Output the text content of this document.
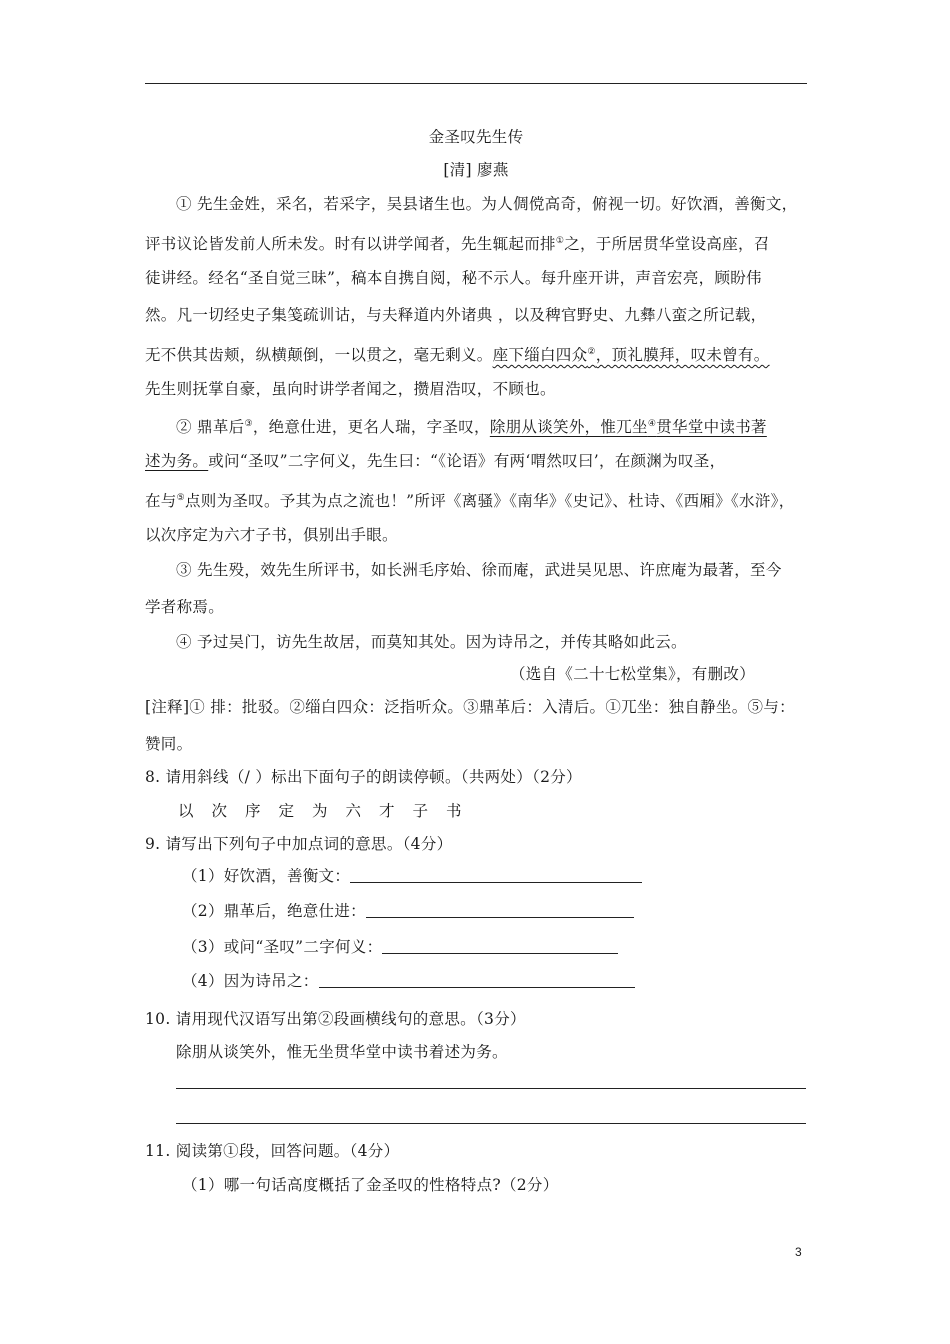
金圣叹先生传
[清] 廖燕
① 先生金姓，采名，若采字，吴县诸生也。为人倜傥高奇，俯视一切。好饮酒，善衡文，
评书议论皆发前人所未发。时有以讲学闻者，先生辄起而排①之，于所居贯华堂设高座，召
徒讲经。经名“圣自觉三昧”，稿本自携自阅，秘不示人。每升座开讲，声音宏亮，顾盼伟
然。凡一切经史子集笺疏训诂，与夫释道内外诸典 ，以及稗官野史、九彝八蛮之所记载，
无不供其齿颊，纵横颠倒，一以贯之，毫无剩义。座下缁白四众②，顶礼膜拜，叹未曾有。
先生则抚掌自豪，虽向时讲学者闻之，攒眉浩叹，不顾也。
② 鼎革后③，绝意仕进，更名人瑞，字圣叹，除朋从谈笑外，惟兀坐④贯华堂中读书著
述为务。或问“圣叹”二字何义，先生曰：“《论语》有两‘喟然叹曰’，在颜渊为叹圣，
在与⑤点则为圣叹。予其为点之流也！”所评《离骚》《南华》《史记》、杜诗、《西厢》《水浒》，
以次序定为六才子书，俱别出手眼。
③ 先生殁，效先生所评书，如长洲毛序始、徐而庵，武进吴见思、许庶庵为最著，至今
学者称焉。
④ 予过吴门，访先生故居，而莫知其处。因为诗吊之，并传其略如此云。
（选自《二十七松堂集》，有删改）
[注释]① 排：批驳。②缁白四众：泛指听众。③鼎革后：入清后。①兀坐：独自静坐。⑤与：
赞同。
8. 请用斜线（/ ）标出下面句子的朗读停顿。（共两处）（2分）
以次序定为六才子书
9. 请写出下列句子中加点词的意思。（4分）
（1）好饮酒，善衡文：
（2）鼎革后，绝意仕进：
（3）或问“圣叹”二字何义：
（4）因为诗吊之：
10. 请用现代汉语写出第②段画横线句的意思。（3分）
除朋从谈笑外，惟无坐贯华堂中读书着述为务。
11. 阅读第①段，回答问题。（4分）
（1）哪一句话高度概括了金圣叹的性格特点?（2分）
3
